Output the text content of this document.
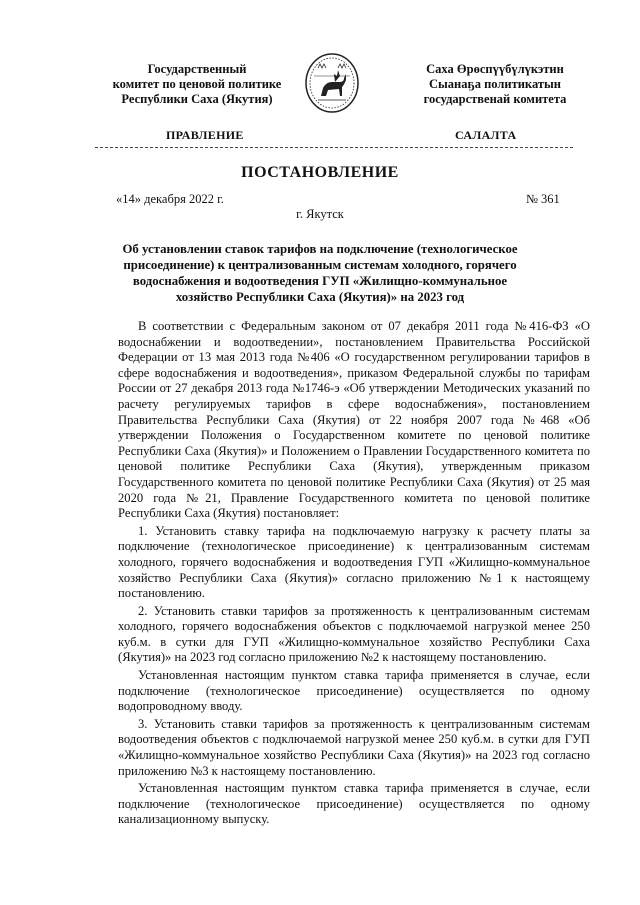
Государственный
комитет по ценовой политике
Республики Саха (Якутия)
Саха Өрөспүүбүлүкэтин
Сыанаҕа политикатын
государственай комитета
ПРАВЛЕНИЕ	САЛАЛТА
ПОСТАНОВЛЕНИЕ
«14» декабря 2022 г.	№ 361
г. Якутск
Об установлении ставок тарифов на подключение (технологическое присоединение) к централизованным системам холодного, горячего водоснабжения и водоотведения ГУП «Жилищно-коммунальное хозяйство Республики Саха (Якутия)» на 2023 год

В соответствии с Федеральным законом от 07 декабря 2011 года №416-ФЗ «О водоснабжении и водоотведении», постановлением Правительства Российской Федерации от 13 мая 2013 года №406 «О государственном регулировании тарифов в сфере водоснабжения и водоотведения», приказом Федеральной службы по тарифам России от 27 декабря 2013 года №1746-э «Об утверждении Методических указаний по расчету регулируемых тарифов в сфере водоснабжения», постановлением Правительства Республики Саха (Якутия) от 22 ноября 2007 года №468 «Об утверждении Положения о Государственном комитете по ценовой политике Республики Саха (Якутия)» и Положением о Правлении Государственного комитета по ценовой политике Республики Саха (Якутия), утвержденным приказом Государственного комитета по ценовой политике Республики Саха (Якутия) от 25 мая 2020 года №21, Правление Государственного комитета по ценовой политике Республики Саха (Якутия) постановляет:

1. Установить ставку тарифа на подключаемую нагрузку к расчету платы за подключение (технологическое присоединение) к централизованным системам холодного, горячего водоснабжения и водоотведения ГУП «Жилищно-коммунальное хозяйство Республики Саха (Якутия)» согласно приложению №1 к настоящему постановлению.

2. Установить ставки тарифов за протяженность к централизованным системам холодного, горячего водоснабжения объектов с подключаемой нагрузкой менее 250 куб.м. в сутки для ГУП «Жилищно-коммунальное хозяйство Республики Саха (Якутия)» на 2023 год согласно приложению №2 к настоящему постановлению.

Установленная настоящим пунктом ставка тарифа применяется в случае, если подключение (технологическое присоединение) осуществляется по одному водопроводному вводу.

3. Установить ставки тарифов за протяженность к централизованным системам водоотведения объектов с подключаемой нагрузкой менее 250 куб.м. в сутки для ГУП «Жилищно-коммунальное хозяйство Республики Саха (Якутия)» на 2023 год согласно приложению №3 к настоящему постановлению.

Установленная настоящим пунктом ставка тарифа применяется в случае, если подключение (технологическое присоединение) осуществляется по одному канализационному выпуску.
